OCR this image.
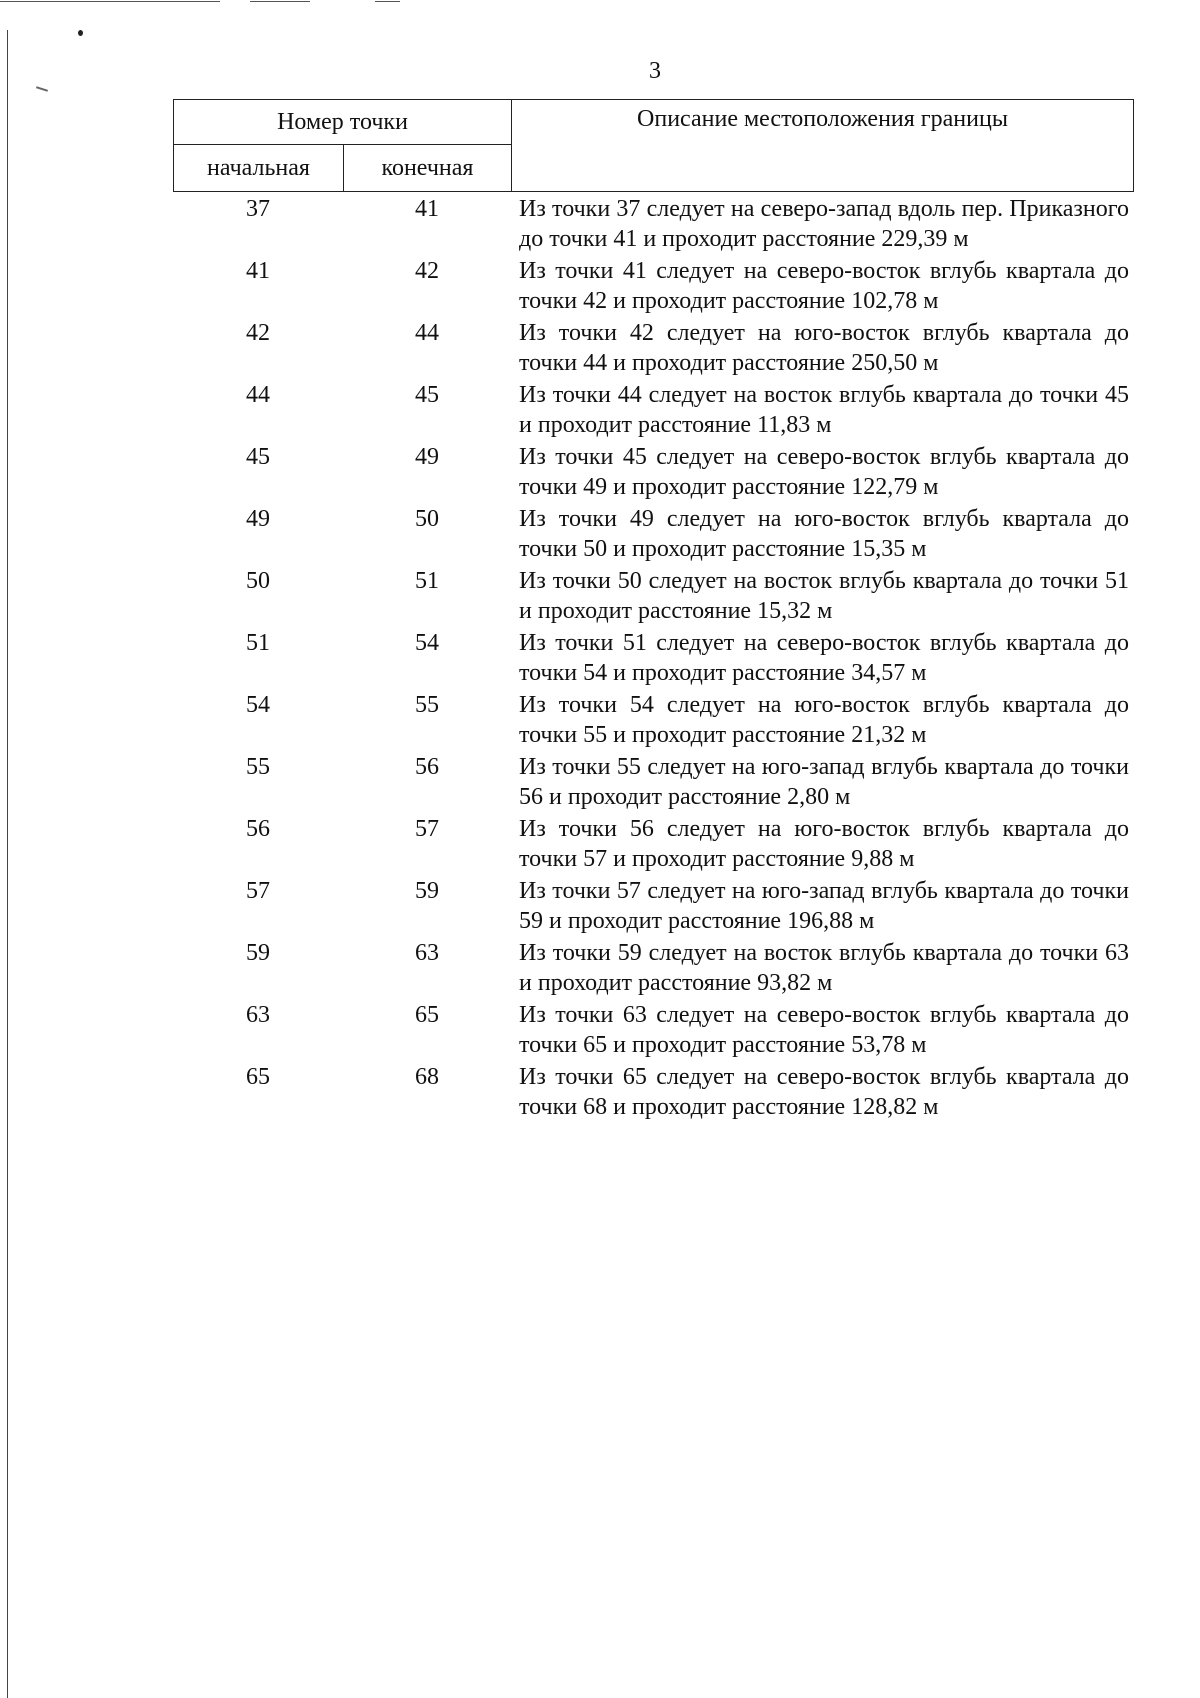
3
Номер точки		Описание местоположения границы
начальная	конечная	
37	41	Из точки 37 следует на северо-запад вдоль пер. Приказного до точки 41 и проходит расстояние 229,39 м
41	42	Из точки 41 следует на северо-восток вглубь квартала до точки 42 и проходит расстояние 102,78 м
42	44	Из точки 42 следует на юго-восток вглубь квартала до точки 44 и проходит расстояние 250,50 м
44	45	Из точки 44 следует на восток вглубь квартала до точки 45 и проходит расстояние 11,83 м
45	49	Из точки 45 следует на северо-восток вглубь квартала до точки 49 и проходит расстояние 122,79 м
49	50	Из точки 49 следует на юго-восток вглубь квартала до точки 50 и проходит расстояние 15,35 м
50	51	Из точки 50 следует на восток вглубь квартала до точки 51 и проходит расстояние 15,32 м
51	54	Из точки 51 следует на северо-восток вглубь квартала до точки 54 и проходит расстояние 34,57 м
54	55	Из точки 54 следует на юго-восток вглубь квартала до точки 55 и проходит расстояние 21,32 м
55	56	Из точки 55 следует на юго-запад вглубь квартала до точки 56 и проходит расстояние 2,80 м
56	57	Из точки 56 следует на юго-восток вглубь квартала до точки 57 и проходит расстояние 9,88 м
57	59	Из точки 57 следует на юго-запад вглубь квартала до точки 59 и проходит расстояние 196,88 м
59	63	Из точки 59 следует на восток вглубь квартала до точки 63 и проходит расстояние 93,82 м
63	65	Из точки 63 следует на северо-восток вглубь квартала до точки 65 и проходит расстояние 53,78 м
65	68	Из точки 65 следует на северо-восток вглубь квартала до точки 68 и проходит расстояние 128,82 м
